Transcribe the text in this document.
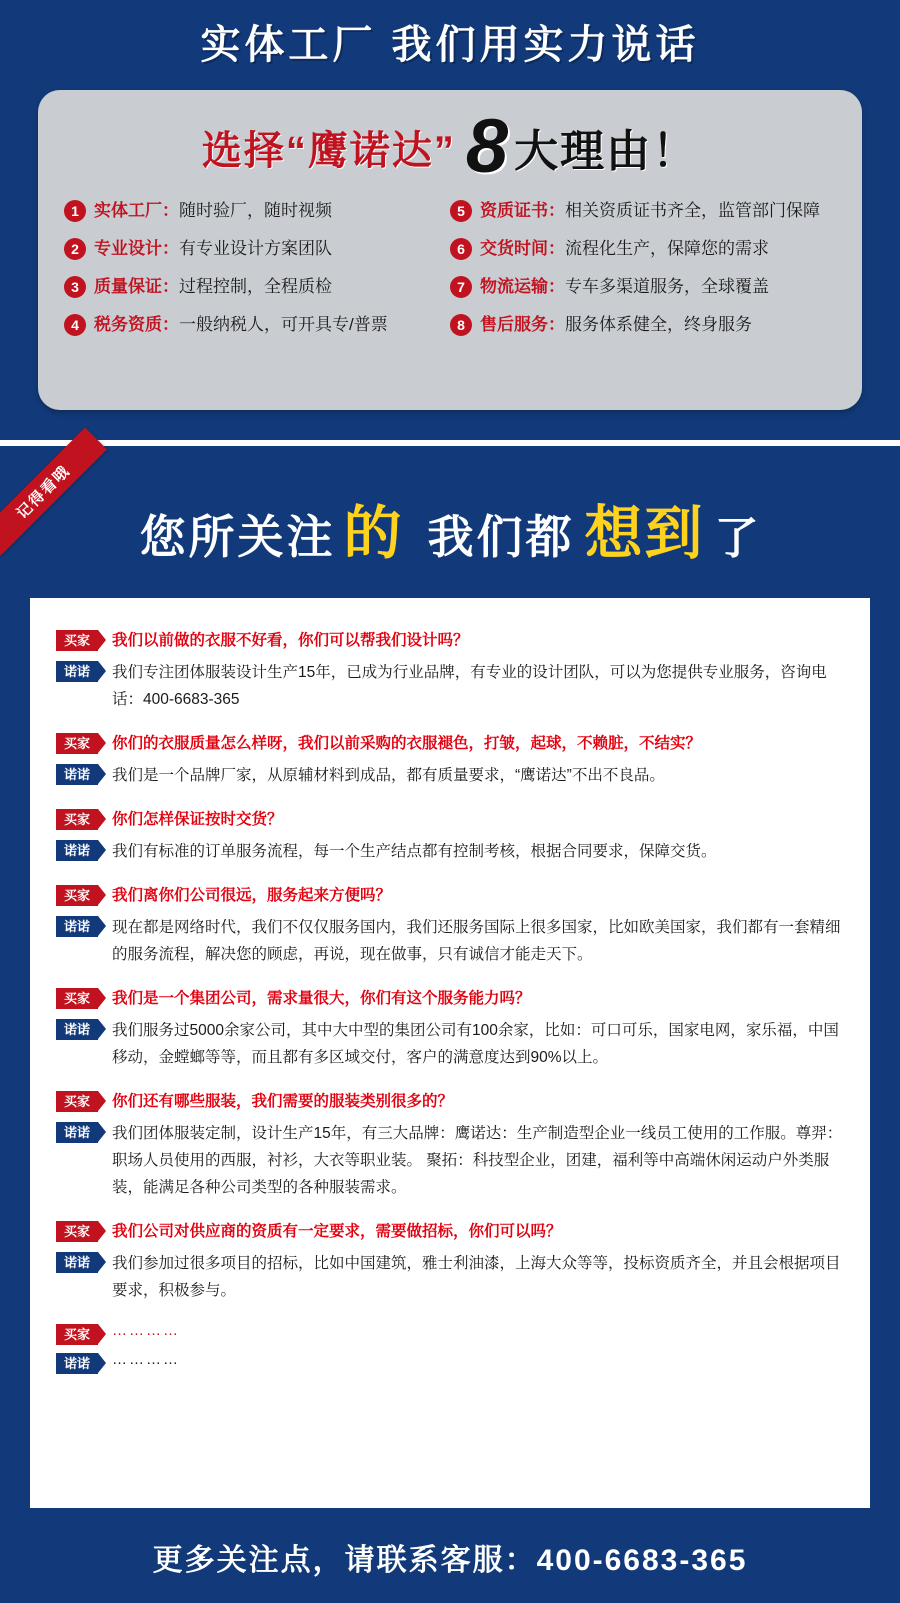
实体工厂 我们用实力说话
选择“鹰诺达” 8 大理由！
1 实体工厂： 随时验厂，随时视频	5 资质证书： 相关资质证书齐全，监管部门保障
2 专业设计： 有专业设计方案团队	6 交货时间： 流程化生产，保障您的需求
3 质量保证： 过程控制，全程质检	7 物流运输： 专车多渠道服务，全球覆盖
4 税务资质： 一般纳税人，可开具专/普票	8 售后服务： 服务体系健全，终身服务
记得看哦
您所关注 的 我们都 想到 了
买家	我们以前做的衣服不好看，你们可以帮我们设计吗？
诺诺	我们专注团体服装设计生产15年，已成为行业品牌，有专业的设计团队，可以为您提供专业服务，咨询电话：400-6683-365
买家	你们的衣服质量怎么样呀，我们以前采购的衣服褪色，打皱，起球，不赖脏，不结实？
诺诺	我们是一个品牌厂家，从原辅材料到成品，都有质量要求，“鹰诺达”不出不良品。
买家	你们怎样保证按时交货？
诺诺	我们有标准的订单服务流程，每一个生产结点都有控制考核，根据合同要求，保障交货。
买家	我们离你们公司很远，服务起来方便吗？
诺诺	现在都是网络时代，我们不仅仅服务国内，我们还服务国际上很多国家，比如欧美国家，我们都有一套精细的服务流程，解决您的顾虑，再说，现在做事，只有诚信才能走天下。
买家	我们是一个集团公司，需求量很大，你们有这个服务能力吗？
诺诺	我们服务过5000余家公司，其中大中型的集团公司有100余家，比如：可口可乐，国家电网，家乐福，中国移动，金螳螂等等，而且都有多区域交付，客户的满意度达到90%以上。
买家	你们还有哪些服装，我们需要的服装类别很多的？
诺诺	我们团体服装定制，设计生产15年，有三大品牌：鹰诺达：生产制造型企业一线员工使用的工作服。尊羿：职场人员使用的西服，衬衫，大衣等职业装。 聚拓：科技型企业，团建，福利等中高端休闲运动户外类服装，能满足各种公司类型的各种服装需求。
买家	我们公司对供应商的资质有一定要求，需要做招标，你们可以吗？
诺诺	我们参加过很多项目的招标，比如中国建筑，雅士利油漆，上海大众等等，投标资质齐全，并且会根据项目要求，积极参与。
买家	…………
诺诺	…………
更多关注点，请联系客服：400-6683-365
